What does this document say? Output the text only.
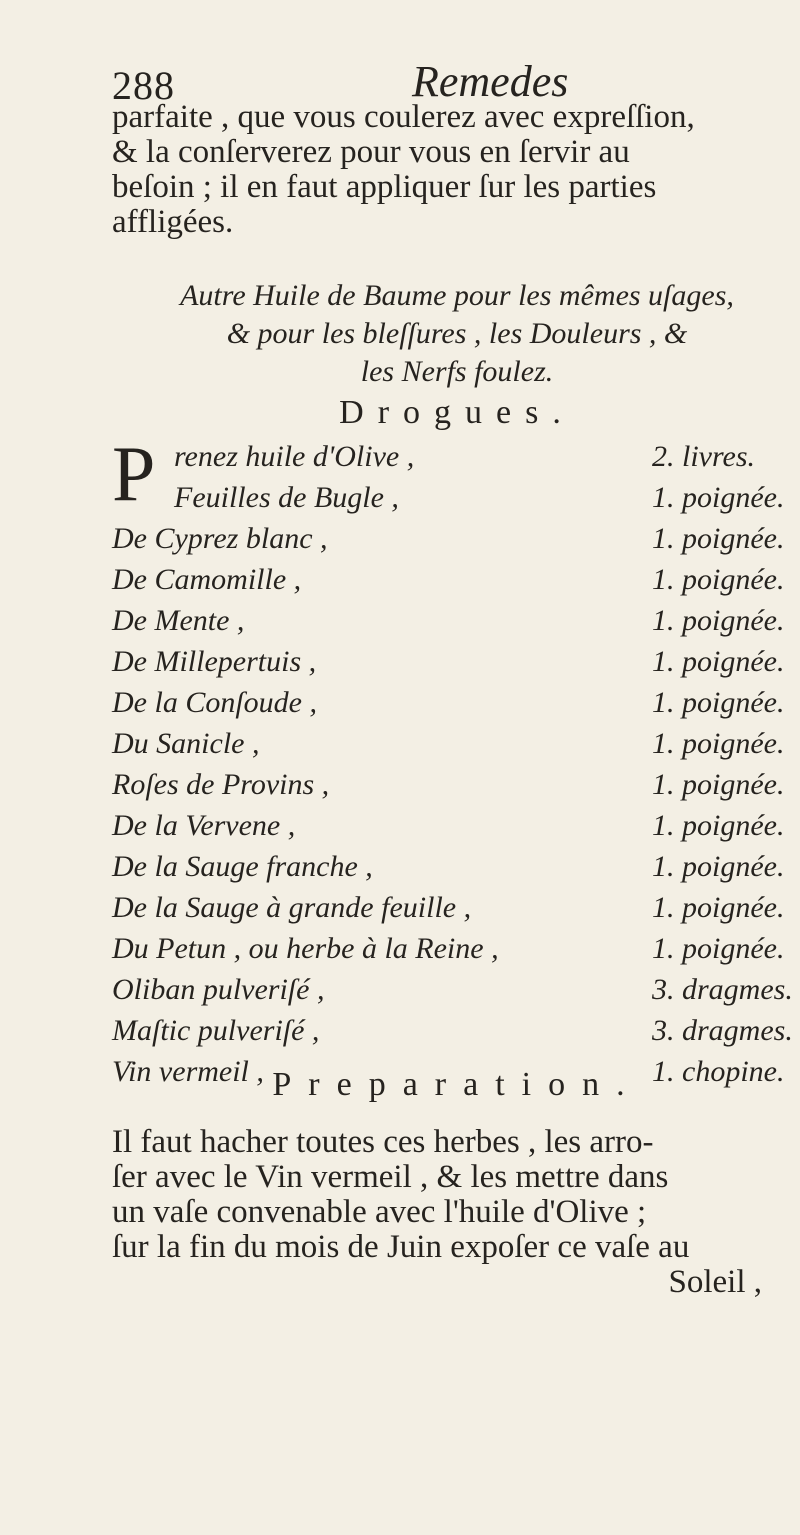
288	Remedes
parfaite , que vous coulerez avec expreſſion,
& la conſerverez pour vous en ſervir au
beſoin ; il en faut appliquer ſur les parties
affligées.
Autre Huile de Baume pour les mêmes uſages,
& pour les bleſſures , les Douleurs , &
les Nerfs foulez.
Drogues.
P renez huile d'Olive ,	2. livres.
Feuilles de Bugle ,	1. poignée.
De Cyprez blanc ,	1. poignée.
De Camomille ,	1. poignée.
De Mente ,	1. poignée.
De Millepertuis ,	1. poignée.
De la Conſoude ,	1. poignée.
Du Sanicle ,	1. poignée.
Roſes de Provins ,	1. poignée.
De la Vervene ,	1. poignée.
De la Sauge franche ,	1. poignée.
De la Sauge à grande feuille ,	1. poignée.
Du Petun , ou herbe à la Reine ,	1. poignée.
Oliban pulveriſé ,	3. dragmes.
Maſtic pulveriſé ,	3. dragmes.
Vin vermeil ,	1. chopine.
Preparation.
Il faut hacher toutes ces herbes , les arro-
ſer avec le Vin vermeil , & les mettre dans
un vaſe convenable avec l'huile d'Olive ;
ſur la fin du mois de Juin expoſer ce vaſe au
Soleil ,
